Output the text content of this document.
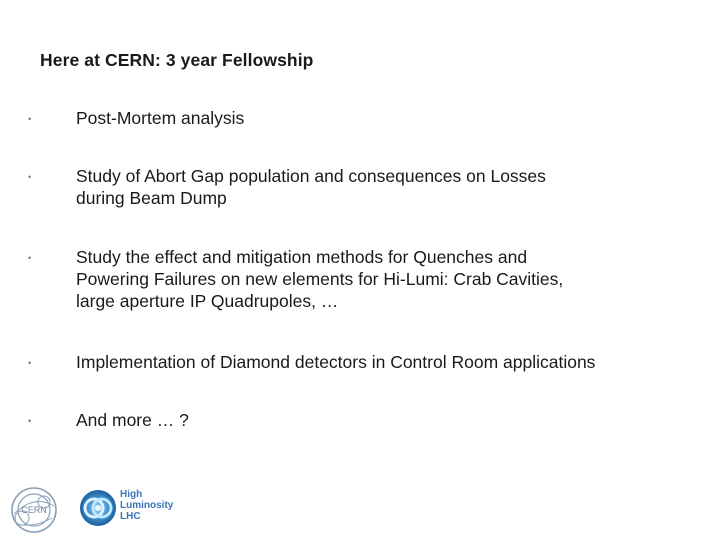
Here at CERN: 3 year Fellowship
•	Post-Mortem analysis
•	Study of Abort Gap population and consequences on Losses
during Beam Dump
•	Study the effect and mitigation methods for Quenches and
Powering Failures on new elements for Hi-Lumi: Crab Cavities,
large aperture IP Quadrupoles, …
•	Implementation of Diamond detectors in Control Room applications
•	And more … ?
CERN
High
Luminosity
LHC
